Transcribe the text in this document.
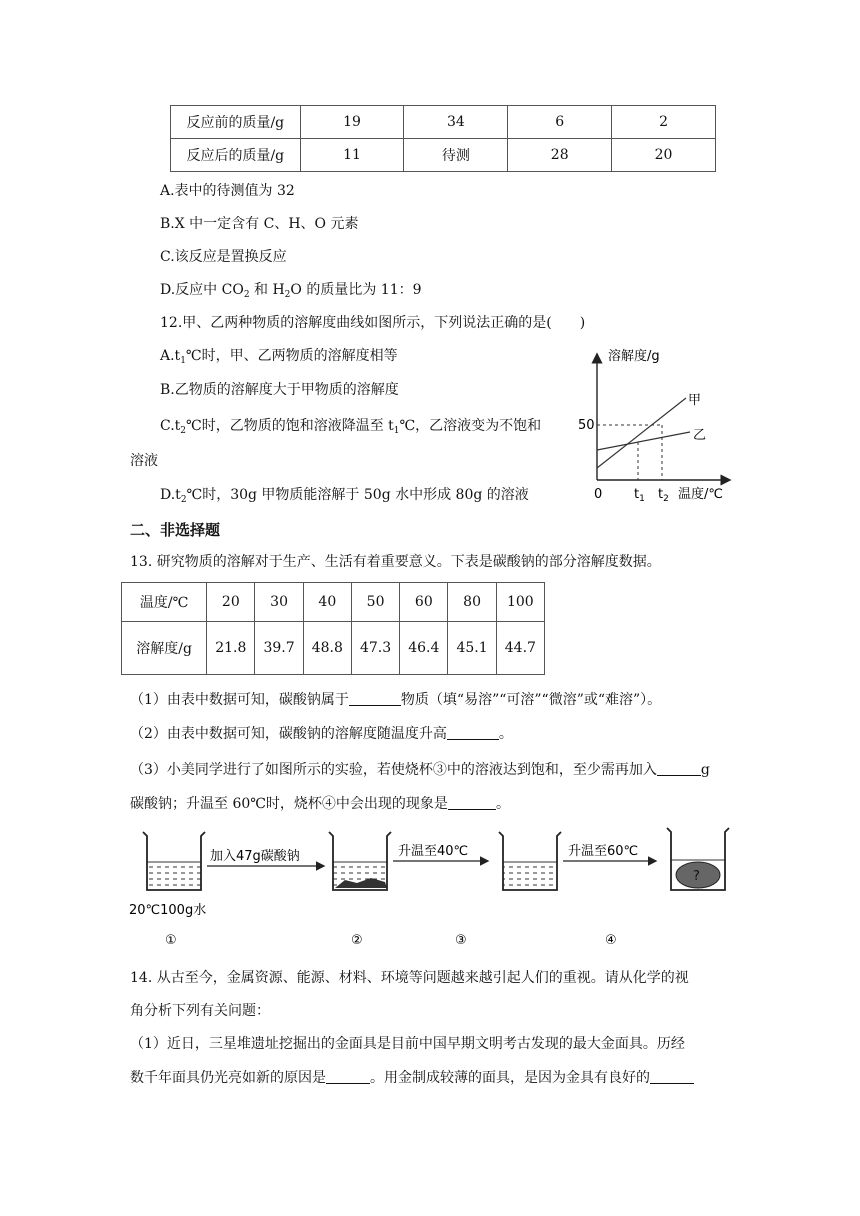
反应前的质量/g	19	34	6	2
反应后的质量/g	11	待测	28	20
A.表中的待测值为 32
B.X 中一定含有 C、H、O 元素
C.该反应是置换反应
D.反应中 $CO_2$ 和 $H_2O$ 的质量比为 11：9
12.甲、乙两种物质的溶解度曲线如图所示，下列说法正确的是(　　)
$A.t_1℃$时，甲、乙两物质的溶解度相等
B.乙物质的溶解度大于甲物质的溶解度
$C.t_2℃$时，乙物质的饱和溶液降温至 $t_1℃$，乙溶液变为不饱和
溶液
$D.t_2℃$时，30g 甲物质能溶解于 50g 水中形成 80g 的溶液
溶解度/g
50
0 $t_1$ $t_2$ 温度/℃
甲
乙
二、非选择题
13. 研究物质的溶解对于生产、生活有着重要意义。下表是碳酸钠的部分溶解度数据。
温度/℃	20	30	40	50	60	80	100
溶解度/g	21.8	39.7	48.8	47.3	46.4	45.1	44.7
（1）由表中数据可知，碳酸钠属于	物质（填“易溶”“可溶”“微溶”或“难溶”）。
（2）由表中数据可知，碳酸钠的溶解度随温度升高	。
（3）小美同学进行了如图所示的实验，若使烧杯③中的溶液达到饱和，至少需再加入	g
碳酸钠；升温至 60℃时，烧杯④中会出现的现象是	。
加入47g碳酸钠	升温至40℃	升温至60℃
?
20℃100g水
①	②	③	④
14. 从古至今，金属资源、能源、材料、环境等问题越来越引起人们的重视。请从化学的视
角分析下列有关问题：
（1）近日，三星堆遗址挖掘出的金面具是目前中国早期文明考古发现的最大金面具。历经
数千年面具仍光亮如新的原因是	。用金制成较薄的面具，是因为金具有良好的
